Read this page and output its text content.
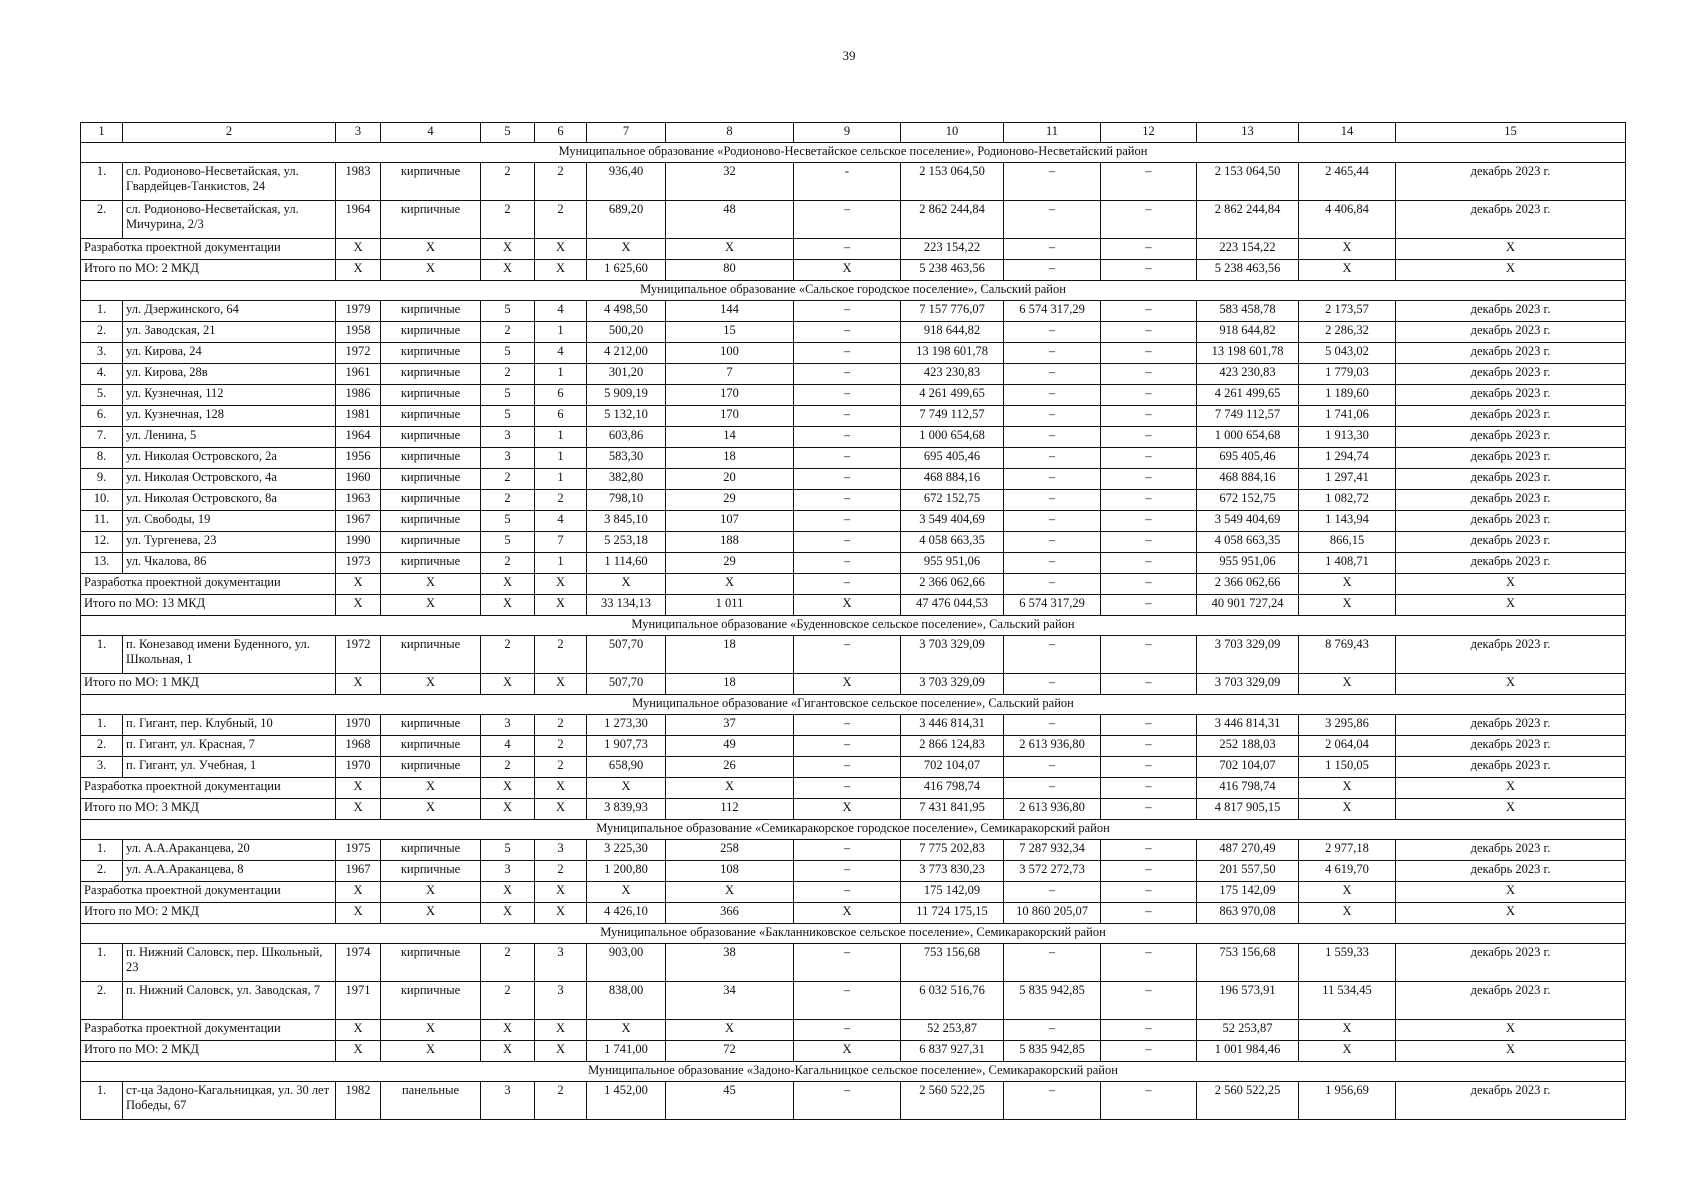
39
1	2	3	4	5	6	7	8	9	10	11	12	13	14	15
Муниципальное образование «Родионово-Несветайское сельское поселение», Родионово-Несветайский район														
1.	сл. Родионово-Несветайская, ул. Гвардейцев-Танкистов, 24	1983	кирпичные	2	2	936,40	32	-	2 153 064,50	–	–	2 153 064,50	2 465,44	декабрь 2023 г.
2.	сл. Родионово-Несветайская, ул. Мичурина, 2/3	1964	кирпичные	2	2	689,20	48	–	2 862 244,84	–	–	2 862 244,84	4 406,84	декабрь 2023 г.
Разработка проектной документации		X	X	X	X	X	X	–	223 154,22	–	–	223 154,22	X	X
Итого по МО: 2 МКД		X	X	X	X	1 625,60	80	X	5 238 463,56	–	–	5 238 463,56	X	X
Муниципальное образование «Сальское городское поселение», Сальский район														
1.	ул. Дзержинского, 64	1979	кирпичные	5	4	4 498,50	144	–	7 157 776,07	6 574 317,29	–	583 458,78	2 173,57	декабрь 2023 г.
2.	ул. Заводская, 21	1958	кирпичные	2	1	500,20	15	–	918 644,82	–	–	918 644,82	2 286,32	декабрь 2023 г.
3.	ул. Кирова, 24	1972	кирпичные	5	4	4 212,00	100	–	13 198 601,78	–	–	13 198 601,78	5 043,02	декабрь 2023 г.
4.	ул. Кирова, 28в	1961	кирпичные	2	1	301,20	7	–	423 230,83	–	–	423 230,83	1 779,03	декабрь 2023 г.
5.	ул. Кузнечная, 112	1986	кирпичные	5	6	5 909,19	170	–	4 261 499,65	–	–	4 261 499,65	1 189,60	декабрь 2023 г.
6.	ул. Кузнечная, 128	1981	кирпичные	5	6	5 132,10	170	–	7 749 112,57	–	–	7 749 112,57	1 741,06	декабрь 2023 г.
7.	ул. Ленина, 5	1964	кирпичные	3	1	603,86	14	–	1 000 654,68	–	–	1 000 654,68	1 913,30	декабрь 2023 г.
8.	ул. Николая Островского, 2а	1956	кирпичные	3	1	583,30	18	–	695 405,46	–	–	695 405,46	1 294,74	декабрь 2023 г.
9.	ул. Николая Островского, 4а	1960	кирпичные	2	1	382,80	20	–	468 884,16	–	–	468 884,16	1 297,41	декабрь 2023 г.
10.	ул. Николая Островского, 8а	1963	кирпичные	2	2	798,10	29	–	672 152,75	–	–	672 152,75	1 082,72	декабрь 2023 г.
11.	ул. Свободы, 19	1967	кирпичные	5	4	3 845,10	107	–	3 549 404,69	–	–	3 549 404,69	1 143,94	декабрь 2023 г.
12.	ул. Тургенева, 23	1990	кирпичные	5	7	5 253,18	188	–	4 058 663,35	–	–	4 058 663,35	866,15	декабрь 2023 г.
13.	ул. Чкалова, 86	1973	кирпичные	2	1	1 114,60	29	–	955 951,06	–	–	955 951,06	1 408,71	декабрь 2023 г.
Разработка проектной документации		X	X	X	X	X	X	–	2 366 062,66	–	–	2 366 062,66	X	X
Итого по МО: 13 МКД		X	X	X	X	33 134,13	1 011	X	47 476 044,53	6 574 317,29	–	40 901 727,24	X	X
Муниципальное образование «Буденновское сельское поселение», Сальский район														
1.	п. Конезавод имени Буденного, ул. Школьная, 1	1972	кирпичные	2	2	507,70	18	–	3 703 329,09	–	–	3 703 329,09	8 769,43	декабрь 2023 г.
Итого по МО: 1 МКД		X	X	X	X	507,70	18	X	3 703 329,09	–	–	3 703 329,09	X	X
Муниципальное образование «Гигантовское сельское поселение», Сальский район														
1.	п. Гигант, пер. Клубный, 10	1970	кирпичные	3	2	1 273,30	37	–	3 446 814,31	–	–	3 446 814,31	3 295,86	декабрь 2023 г.
2.	п. Гигант, ул. Красная, 7	1968	кирпичные	4	2	1 907,73	49	–	2 866 124,83	2 613 936,80	–	252 188,03	2 064,04	декабрь 2023 г.
3.	п. Гигант, ул. Учебная, 1	1970	кирпичные	2	2	658,90	26	–	702 104,07	–	–	702 104,07	1 150,05	декабрь 2023 г.
Разработка проектной документации		X	X	X	X	X	X	–	416 798,74	–	–	416 798,74	X	X
Итого по МО: 3 МКД		X	X	X	X	3 839,93	112	X	7 431 841,95	2 613 936,80	–	4 817 905,15	X	X
Муниципальное образование «Семикаракорское городское поселение», Семикаракорский район														
1.	ул. А.А.Араканцева, 20	1975	кирпичные	5	3	3 225,30	258	–	7 775 202,83	7 287 932,34	–	487 270,49	2 977,18	декабрь 2023 г.
2.	ул. А.А.Араканцева, 8	1967	кирпичные	3	2	1 200,80	108	–	3 773 830,23	3 572 272,73	–	201 557,50	4 619,70	декабрь 2023 г.
Разработка проектной документации		X	X	X	X	X	X	–	175 142,09	–	–	175 142,09	X	X
Итого по МО: 2 МКД		X	X	X	X	4 426,10	366	X	11 724 175,15	10 860 205,07	–	863 970,08	X	X
Муниципальное образование «Бакланниковское сельское поселение», Семикаракорский район														
1.	п. Нижний Саловск, пер. Школьный, 23	1974	кирпичные	2	3	903,00	38	–	753 156,68	–	–	753 156,68	1 559,33	декабрь 2023 г.
2.	п. Нижний Саловск, ул. Заводская, 7	1971	кирпичные	2	3	838,00	34	–	6 032 516,76	5 835 942,85	–	196 573,91	11 534,45	декабрь 2023 г.
Разработка проектной документации		X	X	X	X	X	X	–	52 253,87	–	–	52 253,87	X	X
Итого по МО: 2 МКД		X	X	X	X	1 741,00	72	X	6 837 927,31	5 835 942,85	–	1 001 984,46	X	X
Муниципальное образование «Задоно-Кагальницкое сельское поселение», Семикаракорский район														
1.	ст-ца Задоно-Кагальницкая, ул. 30 лет Победы, 67	1982	панельные	3	2	1 452,00	45	–	2 560 522,25	–	–	2 560 522,25	1 956,69	декабрь 2023 г.
